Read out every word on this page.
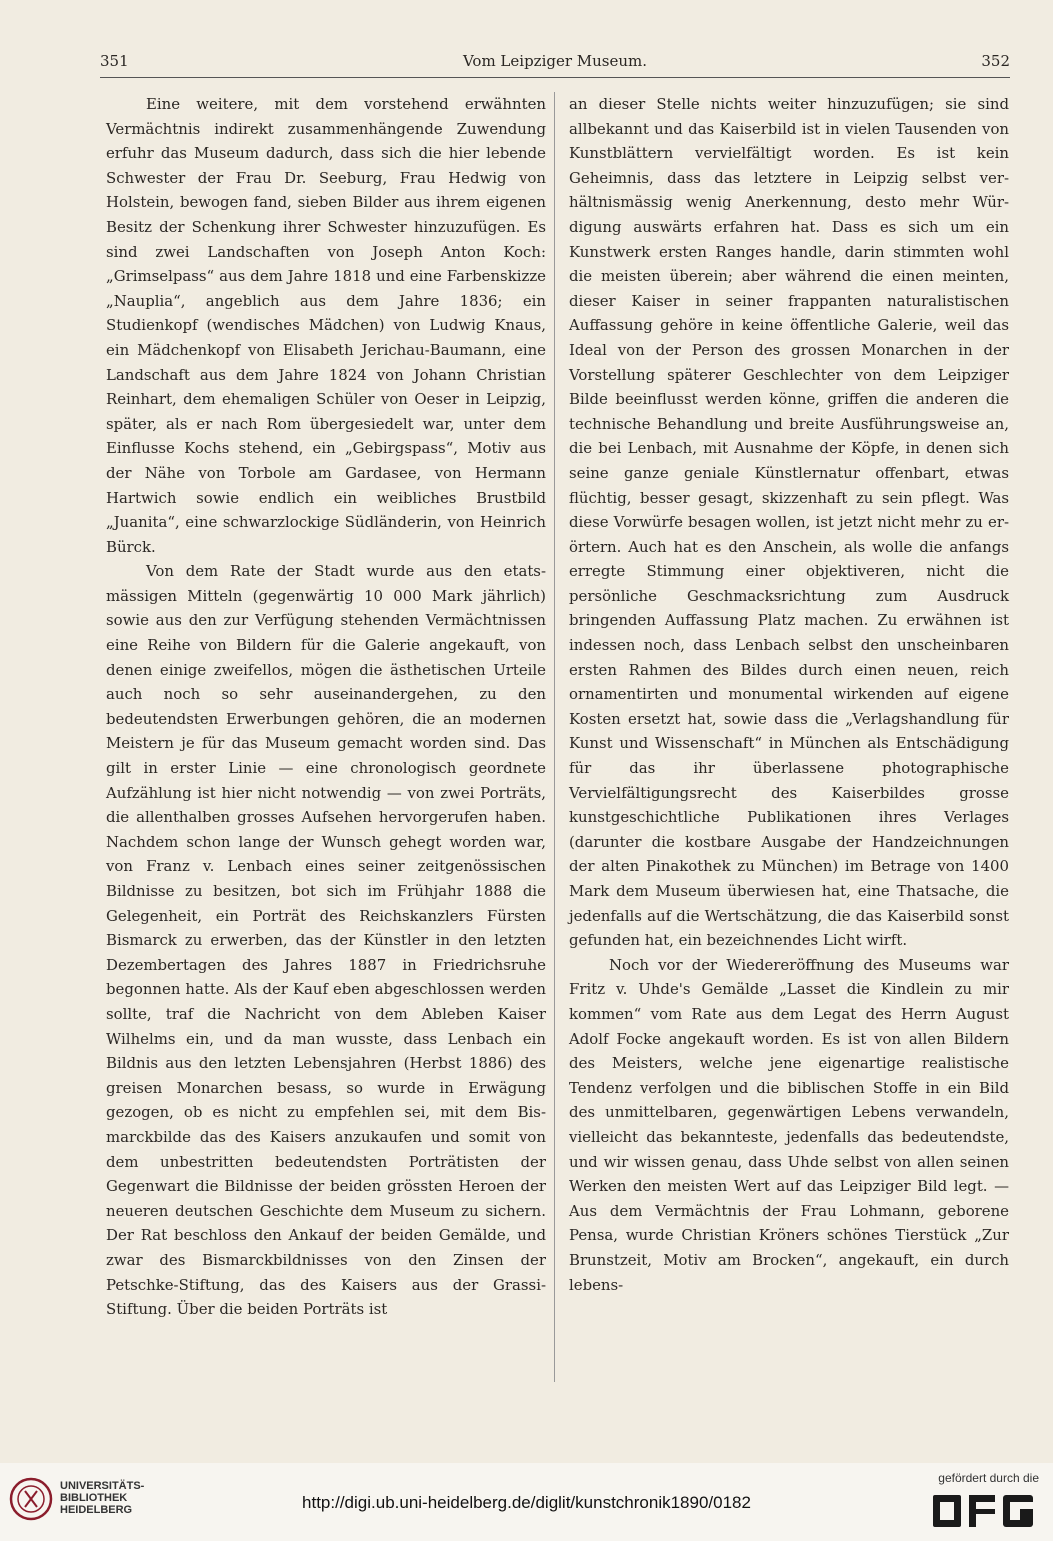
351	Vom Leipziger Museum.	352

Eine weitere, mit dem vorstehend erwähnten Vermächtnis indirekt zusammenhängende Zuwendung erfuhr das Museum dadurch, dass sich die hier lebende Schwester der Frau Dr. Seeburg, Frau Hedwig von Holstein, bewogen fand, sieben Bilder aus ihrem eigenen Besitz der Schenkung ihrer Schwester hinzuzufügen. Es sind zwei Landschaften von Joseph Anton Koch: „Grimselpass“ aus dem Jahre 1818 und eine Farbenskizze „Nauplia“, angeblich aus dem Jahre 1836; ein Studienkopf (wendisches Mädchen) von Ludwig Knaus, ein Mädchenkopf von Elisabeth Jerichau-Baumann, eine Landschaft aus dem Jahre 1824 von Johann Christian Reinhart, dem ehemaligen Schüler von Oeser in Leipzig, später, als er nach Rom übergesiedelt war, unter dem Einflusse Kochs stehend, ein „Gebirgspass“, Motiv aus der Nähe von Torbole am Gardasee, von Hermann Hartwich sowie endlich ein weibliches Brustbild „Juanita“, eine schwarzlockige Südländerin, von Heinrich Bürck.

Von dem Rate der Stadt wurde aus den etatsmässigen Mitteln (gegenwärtig 10 000 Mark jährlich) sowie aus den zur Verfügung stehenden Vermächtnissen eine Reihe von Bildern für die Galerie angekauft, von denen einige zweifellos, mögen die ästhetischen Urteile auch noch so sehr auseinandergehen, zu den bedeutendsten Erwerbungen gehören, die an modernen Meistern je für das Museum gemacht worden sind. Das gilt in erster Linie — eine chronologisch geordnete Aufzählung ist hier nicht notwendig — von zwei Porträts, die allenthalben grosses Aufsehen hervorgerufen haben. Nachdem schon lange der Wunsch gehegt worden war, von Franz v. Lenbach eines seiner zeitgenössischen Bildnisse zu besitzen, bot sich im Frühjahr 1888 die Gelegenheit, ein Porträt des Reichskanzlers Fürsten Bismarck zu erwerben, das der Künstler in den letzten Dezembertagen des Jahres 1887 in Friedrichsruhe begonnen hatte. Als der Kauf eben abgeschlossen werden sollte, traf die Nachricht von dem Ableben Kaiser Wilhelms ein, und da man wusste, dass Lenbach ein Bildnis aus den letzten Lebensjahren (Herbst 1886) des greisen Monarchen besass, so wurde in Erwägung gezogen, ob es nicht zu empfehlen sei, mit dem Bismarckbilde das des Kaisers anzukaufen und somit von dem unbestritten bedeutendsten Porträtisten der Gegenwart die Bildnisse der beiden grössten Heroen der neueren deutschen Geschichte dem Museum zu sichern. Der Rat beschloss den Ankauf der beiden Gemälde, und zwar des Bismarckbildnisses von den Zinsen der Petschke-Stiftung, das des Kaisers aus der Grassi-Stiftung. Über die beiden Porträts ist

an dieser Stelle nichts weiter hinzuzufügen; sie sind allbekannt und das Kaiserbild ist in vielen Tausenden von Kunstblättern vervielfältigt worden. Es ist kein Geheimnis, dass das letztere in Leipzig selbst verhältnismässig wenig Anerkennung, desto mehr Würdigung auswärts erfahren hat. Dass es sich um ein Kunstwerk ersten Ranges handle, darin stimmten wohl die meisten überein; aber während die einen meinten, dieser Kaiser in seiner frappanten naturalistischen Auffassung gehöre in keine öffentliche Galerie, weil das Ideal von der Person des grossen Monarchen in der Vorstellung späterer Geschlechter von dem Leipziger Bilde beeinflusst werden könne, griffen die anderen die technische Behandlung und breite Ausführungsweise an, die bei Lenbach, mit Ausnahme der Köpfe, in denen sich seine ganze geniale Künstlernatur offenbart, etwas flüchtig, besser gesagt, skizzenhaft zu sein pflegt. Was diese Vorwürfe besagen wollen, ist jetzt nicht mehr zu erörtern. Auch hat es den Anschein, als wolle die anfangs erregte Stimmung einer objektiveren, nicht die persönliche Geschmacksrichtung zum Ausdruck bringenden Auffassung Platz machen. Zu erwähnen ist indessen noch, dass Lenbach selbst den unscheinbaren ersten Rahmen des Bildes durch einen neuen, reich ornamentirten und monumental wirkenden auf eigene Kosten ersetzt hat, sowie dass die „Verlagshandlung für Kunst und Wissenschaft“ in München als Entschädigung für das ihr überlassene photographische Vervielfältigungsrecht des Kaiserbildes grosse kunstgeschichtliche Publikationen ihres Verlages (darunter die kostbare Ausgabe der Handzeichnungen der alten Pinakothek zu München) im Betrage von 1400 Mark dem Museum überwiesen hat, eine Thatsache, die jedenfalls auf die Wertschätzung, die das Kaiserbild sonst gefunden hat, ein bezeichnendes Licht wirft.

Noch vor der Wiedereröffnung des Museums war Fritz v. Uhde's Gemälde „Lasset die Kindlein zu mir kommen“ vom Rate aus dem Legat des Herrn August Adolf Focke angekauft worden. Es ist von allen Bildern des Meisters, welche jene eigenartige realistische Tendenz verfolgen und die biblischen Stoffe in ein Bild des unmittelbaren, gegenwärtigen Lebens verwandeln, vielleicht das bekannteste, jedenfalls das bedeutendste, und wir wissen genau, dass Uhde selbst von allen seinen Werken den meisten Wert auf das Leipziger Bild legt. — Aus dem Vermächtnis der Frau Lohmann, geborene Pensa, wurde Christian Kröners schönes Tierstück „Zur Brunstzeit, Motiv am Brocken“, angekauft, ein durch lebens-

UNIVERSITÄTS-
BIBLIOTHEK
HEIDELBERG	http://digi.ub.uni-heidelberg.de/diglit/kunstchronik1890/0182
gefördert durch die
